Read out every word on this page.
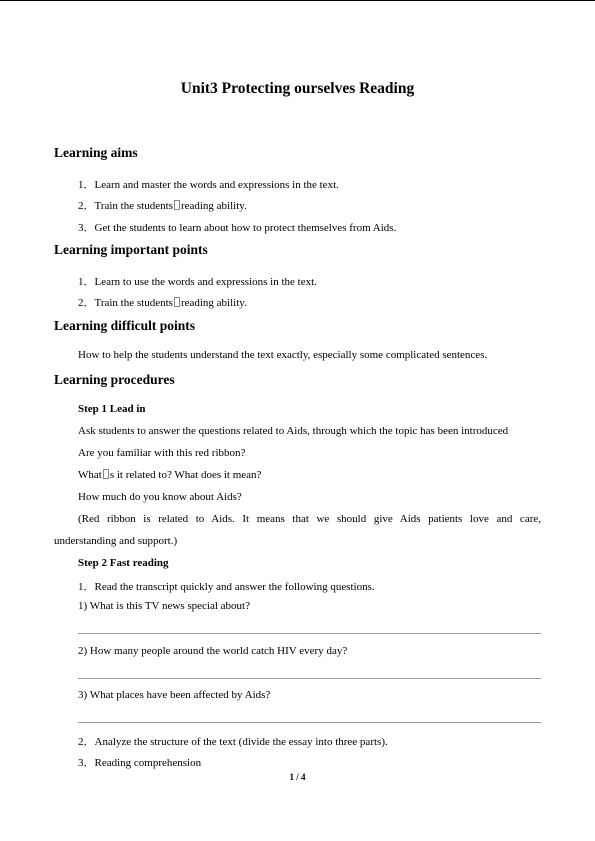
Unit3 Protecting ourselves Reading
Learning aims
1．Learn and master the words and expressions in the text.
2．Train the students reading ability.
3．Get the students to learn about how to protect themselves from Aids.
Learning important points
1．Learn to use the words and expressions in the text.
2．Train the students reading ability.
Learning difficult points
How to help the students understand the text exactly, especially some complicated sentences.
Learning procedures
Step 1 Lead in
Ask students to answer the questions related to Aids, through which the topic has been introduced
Are you familiar with this red ribbon?
What s it related to? What does it mean?
How much do you know about Aids?
(Red ribbon is related to Aids. It means that we should give Aids patients love and care,
understanding and support.)
Step 2 Fast reading
1．Read the transcript quickly and answer the following questions.
1) What is this TV news special about?
2) How many people around the world catch HIV every day?
3) What places have been affected by Aids?
2．Analyze the structure of the text (divide the essay into three parts).
3．Reading comprehension
1 / 4
